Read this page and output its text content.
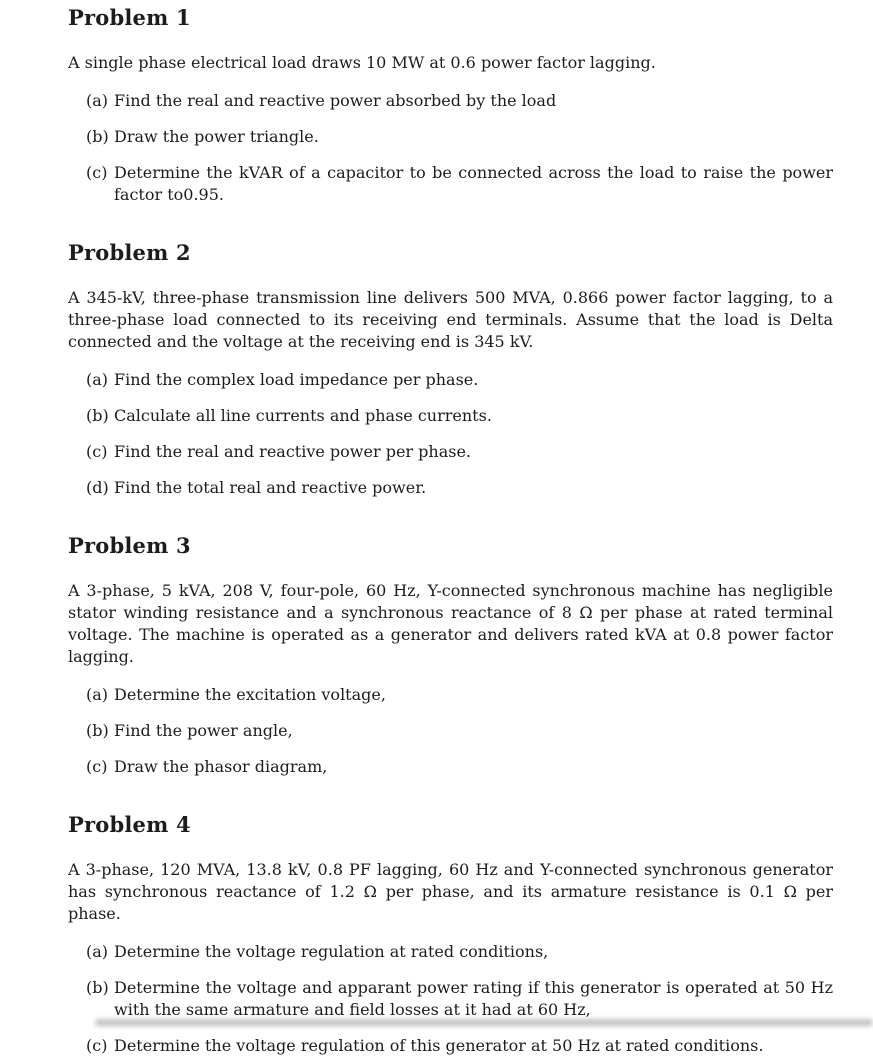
Problem 1

A single phase electrical load draws 10 MW at 0.6 power factor lagging.

(a) Find the real and reactive power absorbed by the load
(b) Draw the power triangle.
(c) Determine the kVAR of a capacitor to be connected across the load to raise the power factor to0.95.
Problem 2

A 345-kV, three-phase transmission line delivers 500 MVA, 0.866 power factor lagging, to a three-phase load connected to its receiving end terminals. Assume that the load is Delta connected and the voltage at the receiving end is 345 kV.

(a) Find the complex load impedance per phase.
(b) Calculate all line currents and phase currents.
(c) Find the real and reactive power per phase.
(d) Find the total real and reactive power.
Problem 3

A 3-phase, 5 kVA, 208 V, four-pole, 60 Hz, Y-connected synchronous machine has negligible stator winding resistance and a synchronous reactance of 8 Ω per phase at rated terminal voltage. The machine is operated as a generator and delivers rated kVA at 0.8 power factor lagging.

(a) Determine the excitation voltage,
(b) Find the power angle,
(c) Draw the phasor diagram,
Problem 4

A 3-phase, 120 MVA, 13.8 kV, 0.8 PF lagging, 60 Hz and Y-connected synchronous generator has synchronous reactance of 1.2 Ω per phase, and its armature resistance is 0.1 Ω per phase.

(a) Determine the voltage regulation at rated conditions,
(b) Determine the voltage and apparant power rating if this generator is operated at 50 Hz with the same armature and field losses at it had at 60 Hz,
(c) Determine the voltage regulation of this generator at 50 Hz at rated conditions.
